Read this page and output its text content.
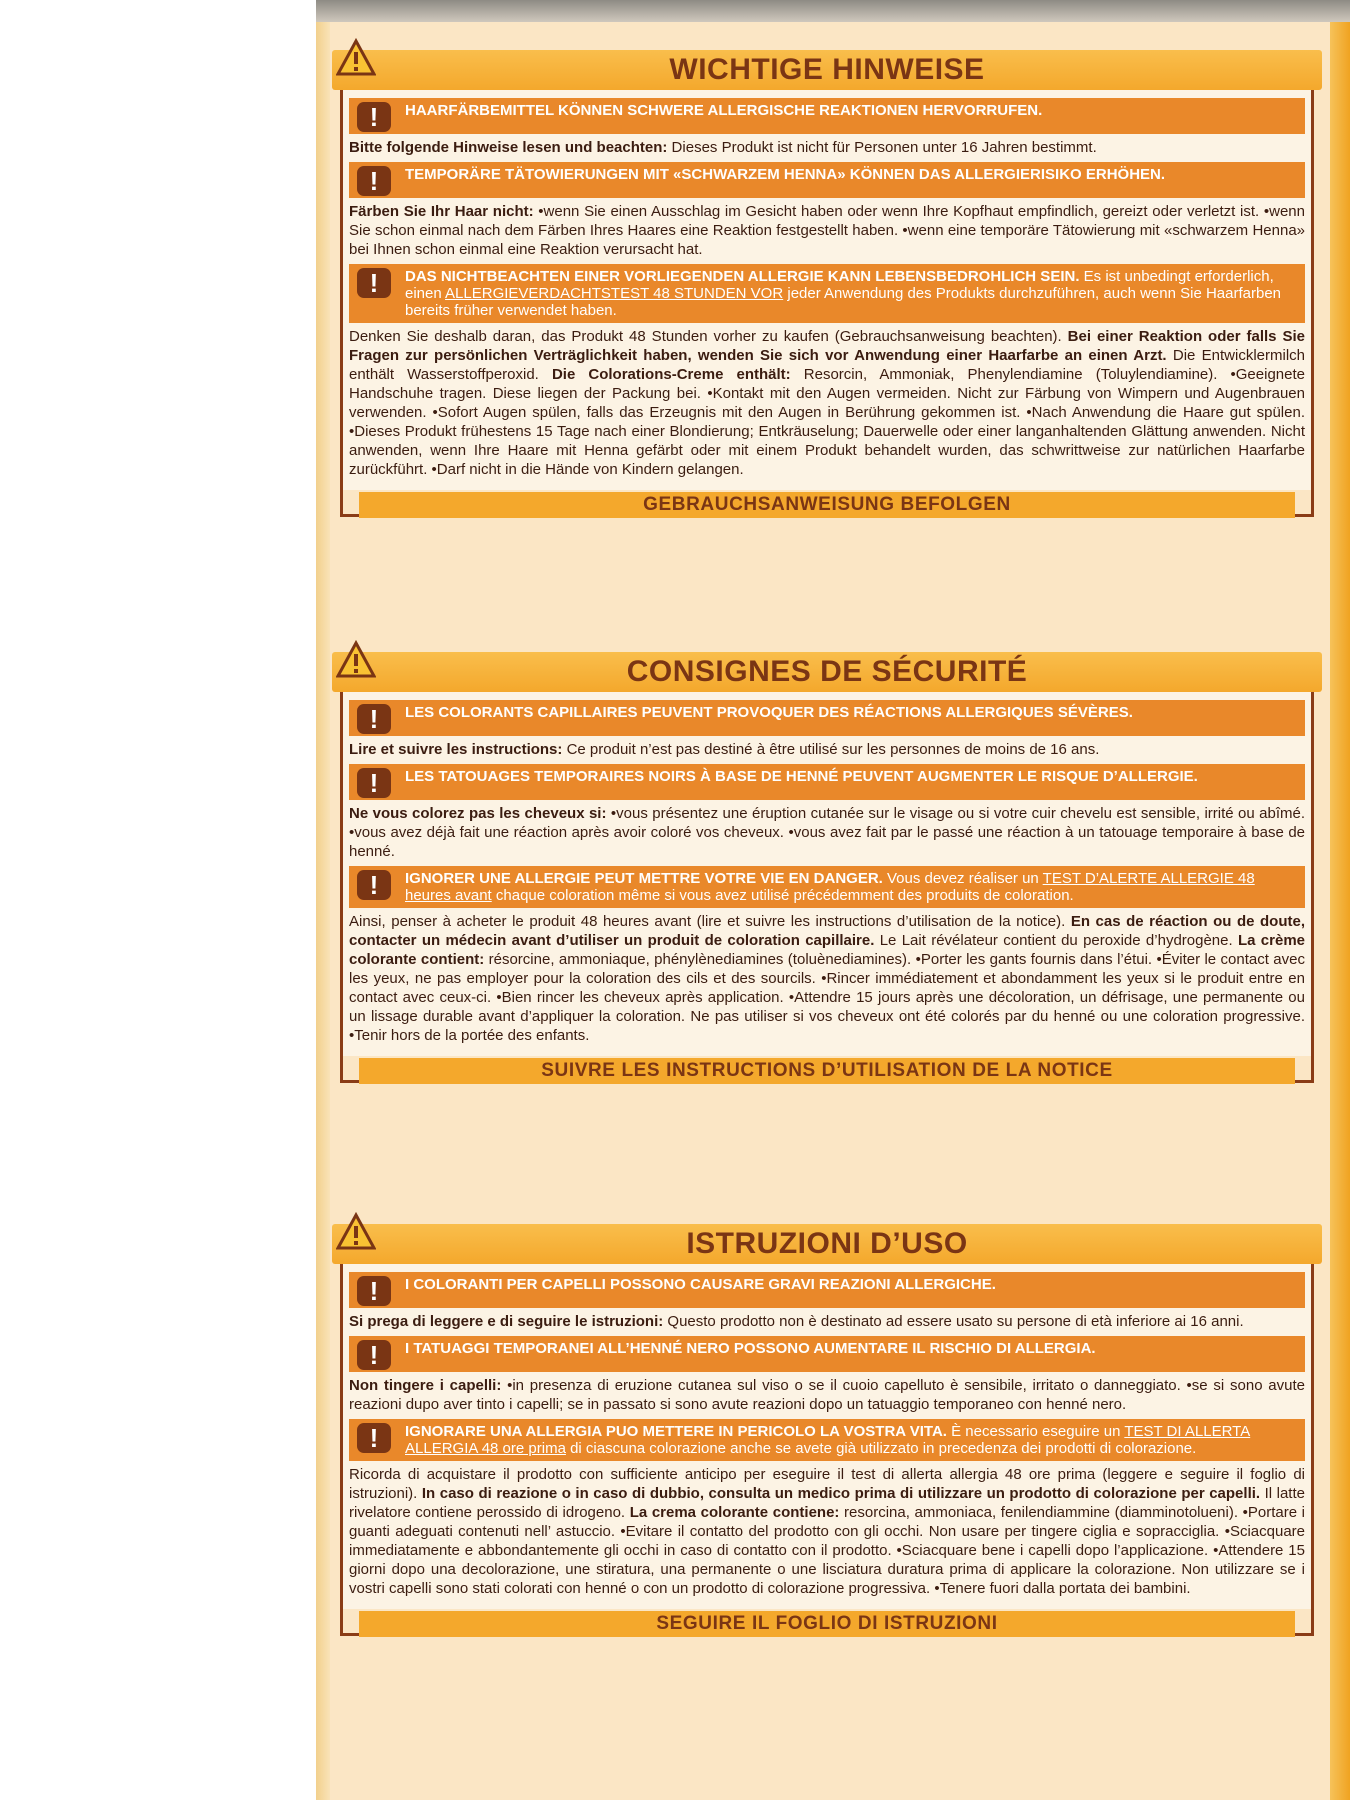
WICHTIGE HINWEISE
!	HAARFÄRBEMITTEL KÖNNEN SCHWERE ALLERGISCHE REAKTIONEN HERVORRUFEN.

Bitte folgende Hinweise lesen und beachten: Dieses Produkt ist nicht für Personen unter 16 Jahren bestimmt.

!	TEMPORÄRE TÄTOWIERUNGEN MIT «SCHWARZEM HENNA» KÖNNEN DAS ALLERGIERISIKO ERHÖHEN.

Färben Sie Ihr Haar nicht: •wenn Sie einen Ausschlag im Gesicht haben oder wenn Ihre Kopfhaut empfindlich, gereizt oder verletzt ist. •wenn Sie schon einmal nach dem Färben Ihres Haares eine Reaktion festgestellt haben. •wenn eine temporäre Tätowierung mit «schwarzem Henna» bei Ihnen schon einmal eine Reaktion verursacht hat.

!	DAS NICHTBEACHTEN EINER VORLIEGENDEN ALLERGIE KANN LEBENSBEDROHLICH SEIN. Es ist unbedingt erforderlich, einen ALLERGIEVERDACHTSTEST 48 STUNDEN VOR jeder Anwendung des Produkts durchzuführen, auch wenn Sie Haarfarben bereits früher verwendet haben.

Denken Sie deshalb daran, das Produkt 48 Stunden vorher zu kaufen (Gebrauchsanweisung beachten). Bei einer Reaktion oder falls Sie Fragen zur persönlichen Verträglichkeit haben, wenden Sie sich vor Anwendung einer Haarfarbe an einen Arzt. Die Entwicklermilch enthält Wasserstoffperoxid. Die Colorations-Creme enthält: Resorcin, Ammoniak, Phenylendiamine (Toluylendiamine). •Geeignete Handschuhe tragen. Diese liegen der Packung bei. •Kontakt mit den Augen vermeiden. Nicht zur Färbung von Wimpern und Augenbrauen verwenden. •Sofort Augen spülen, falls das Erzeugnis mit den Augen in Berührung gekommen ist. •Nach Anwendung die Haare gut spülen. •Dieses Produkt frühestens 15 Tage nach einer Blondierung; Entkräuselung; Dauerwelle oder einer langanhaltenden Glättung anwenden. Nicht anwenden, wenn Ihre Haare mit Henna gefärbt oder mit einem Produkt behandelt wurden, das schwrittweise zur natürlichen Haarfarbe zurückführt. •Darf nicht in die Hände von Kindern gelangen.

GEBRAUCHSANWEISUNG BEFOLGEN
CONSIGNES DE SÉCURITÉ
!	LES COLORANTS CAPILLAIRES PEUVENT PROVOQUER DES RÉACTIONS ALLERGIQUES SÉVÈRES.

Lire et suivre les instructions: Ce produit n’est pas destiné à être utilisé sur les personnes de moins de 16 ans.

!	LES TATOUAGES TEMPORAIRES NOIRS À BASE DE HENNÉ PEUVENT AUGMENTER LE RISQUE D’ALLERGIE.

Ne vous colorez pas les cheveux si: •vous présentez une éruption cutanée sur le visage ou si votre cuir chevelu est sensible, irrité ou abîmé. •vous avez déjà fait une réaction après avoir coloré vos cheveux. •vous avez fait par le passé une réaction à un tatouage temporaire à base de henné.

!	IGNORER UNE ALLERGIE PEUT METTRE VOTRE VIE EN DANGER. Vous devez réaliser un TEST D’ALERTE ALLERGIE 48 heures avant chaque coloration même si vous avez utilisé précédemment des produits de coloration.

Ainsi, penser à acheter le produit 48 heures avant (lire et suivre les instructions d’utilisation de la notice). En cas de réaction ou de doute, contacter un médecin avant d’utiliser un produit de coloration capillaire. Le Lait révélateur contient du peroxide d’hydrogène. La crème colorante contient: résorcine, ammoniaque, phénylènediamines (toluènediamines). •Porter les gants fournis dans l’étui. •Éviter le contact avec les yeux, ne pas employer pour la coloration des cils et des sourcils. •Rincer immédiatement et abondamment les yeux si le produit entre en contact avec ceux-ci. •Bien rincer les cheveux après application. •Attendre 15 jours après une décoloration, un défrisage, une permanente ou un lissage durable avant d’appliquer la coloration. Ne pas utiliser si vos cheveux ont été colorés par du henné ou une coloration progressive. •Tenir hors de la portée des enfants.

SUIVRE LES INSTRUCTIONS D’UTILISATION DE LA NOTICE
ISTRUZIONI D’USO
!	I COLORANTI PER CAPELLI POSSONO CAUSARE GRAVI REAZIONI ALLERGICHE.

Si prega di leggere e di seguire le istruzioni: Questo prodotto non è destinato ad essere usato su persone di età inferiore ai 16 anni.

!	I TATUAGGI TEMPORANEI ALL’HENNÉ NERO POSSONO AUMENTARE IL RISCHIO DI ALLERGIA.

Non tingere i capelli: •in presenza di eruzione cutanea sul viso o se il cuoio capelluto è sensibile, irritato o danneggiato. •se si sono avute reazioni dupo aver tinto i capelli; se in passato si sono avute reazioni dopo un tatuaggio temporaneo con henné nero.

!	IGNORARE UNA ALLERGIA PUO METTERE IN PERICOLO LA VOSTRA VITA. È necessario eseguire un TEST DI ALLERTA ALLERGIA 48 ore prima di ciascuna colorazione anche se avete già utilizzato in precedenza dei prodotti di colorazione.

Ricorda di acquistare il prodotto con sufficiente anticipo per eseguire il test di allerta allergia 48 ore prima (leggere e seguire il foglio di istruzioni). In caso di reazione o in caso di dubbio, consulta un medico prima di utilizzare un prodotto di colorazione per capelli. Il latte rivelatore contiene perossido di idrogeno. La crema colorante contiene: resorcina, ammoniaca, fenilendiammine (diamminotolueni). •Portare i guanti adeguati contenuti nell’ astuccio. •Evitare il contatto del prodotto con gli occhi. Non usare per tingere ciglia e sopracciglia. •Sciacquare immediatamente e abbondantemente gli occhi in caso di contatto con il prodotto. •Sciacquare bene i capelli dopo l’applicazione. •Attendere 15 giorni dopo una decolorazione, une stiratura, una permanente o une lisciatura duratura prima di applicare la colorazione. Non utilizzare se i vostri capelli sono stati colorati con henné o con un prodotto di colorazione progressiva. •Tenere fuori dalla portata dei bambini.

SEGUIRE IL FOGLIO DI ISTRUZIONI
